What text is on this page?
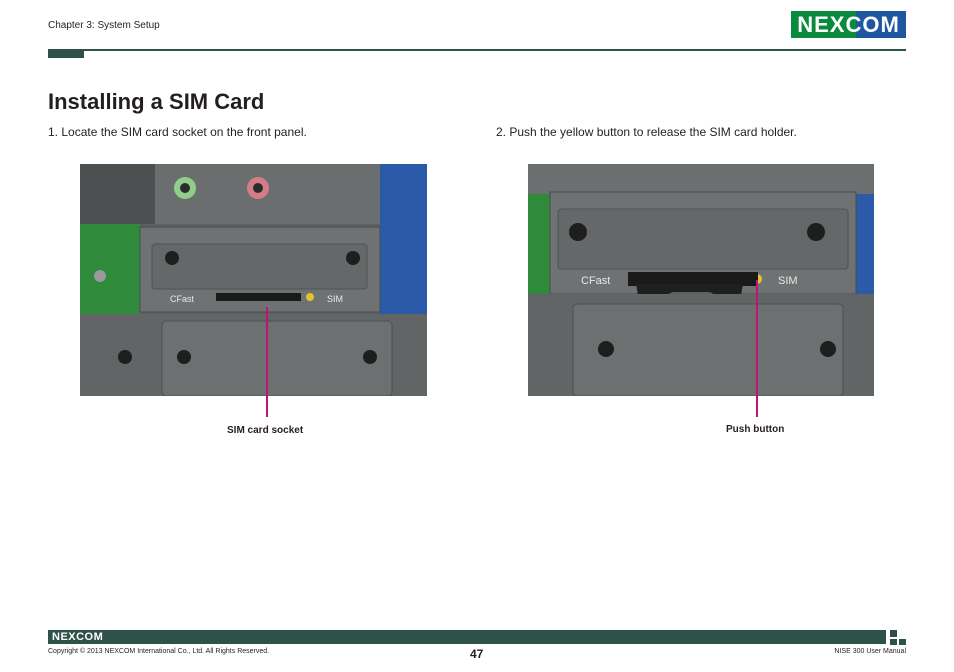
Chapter 3: System Setup	NEXCOM
Installing a SIM Card
1. Locate the SIM card socket on the front panel.	2. Push the yellow button to release the SIM card holder.
CFast	SIM
SIM card socket
CFast	SIM
Push button
NEXCOM
Copyright © 2013 NEXCOM International Co., Ltd. All Rights Reserved.	47	NISE 300 User Manual
